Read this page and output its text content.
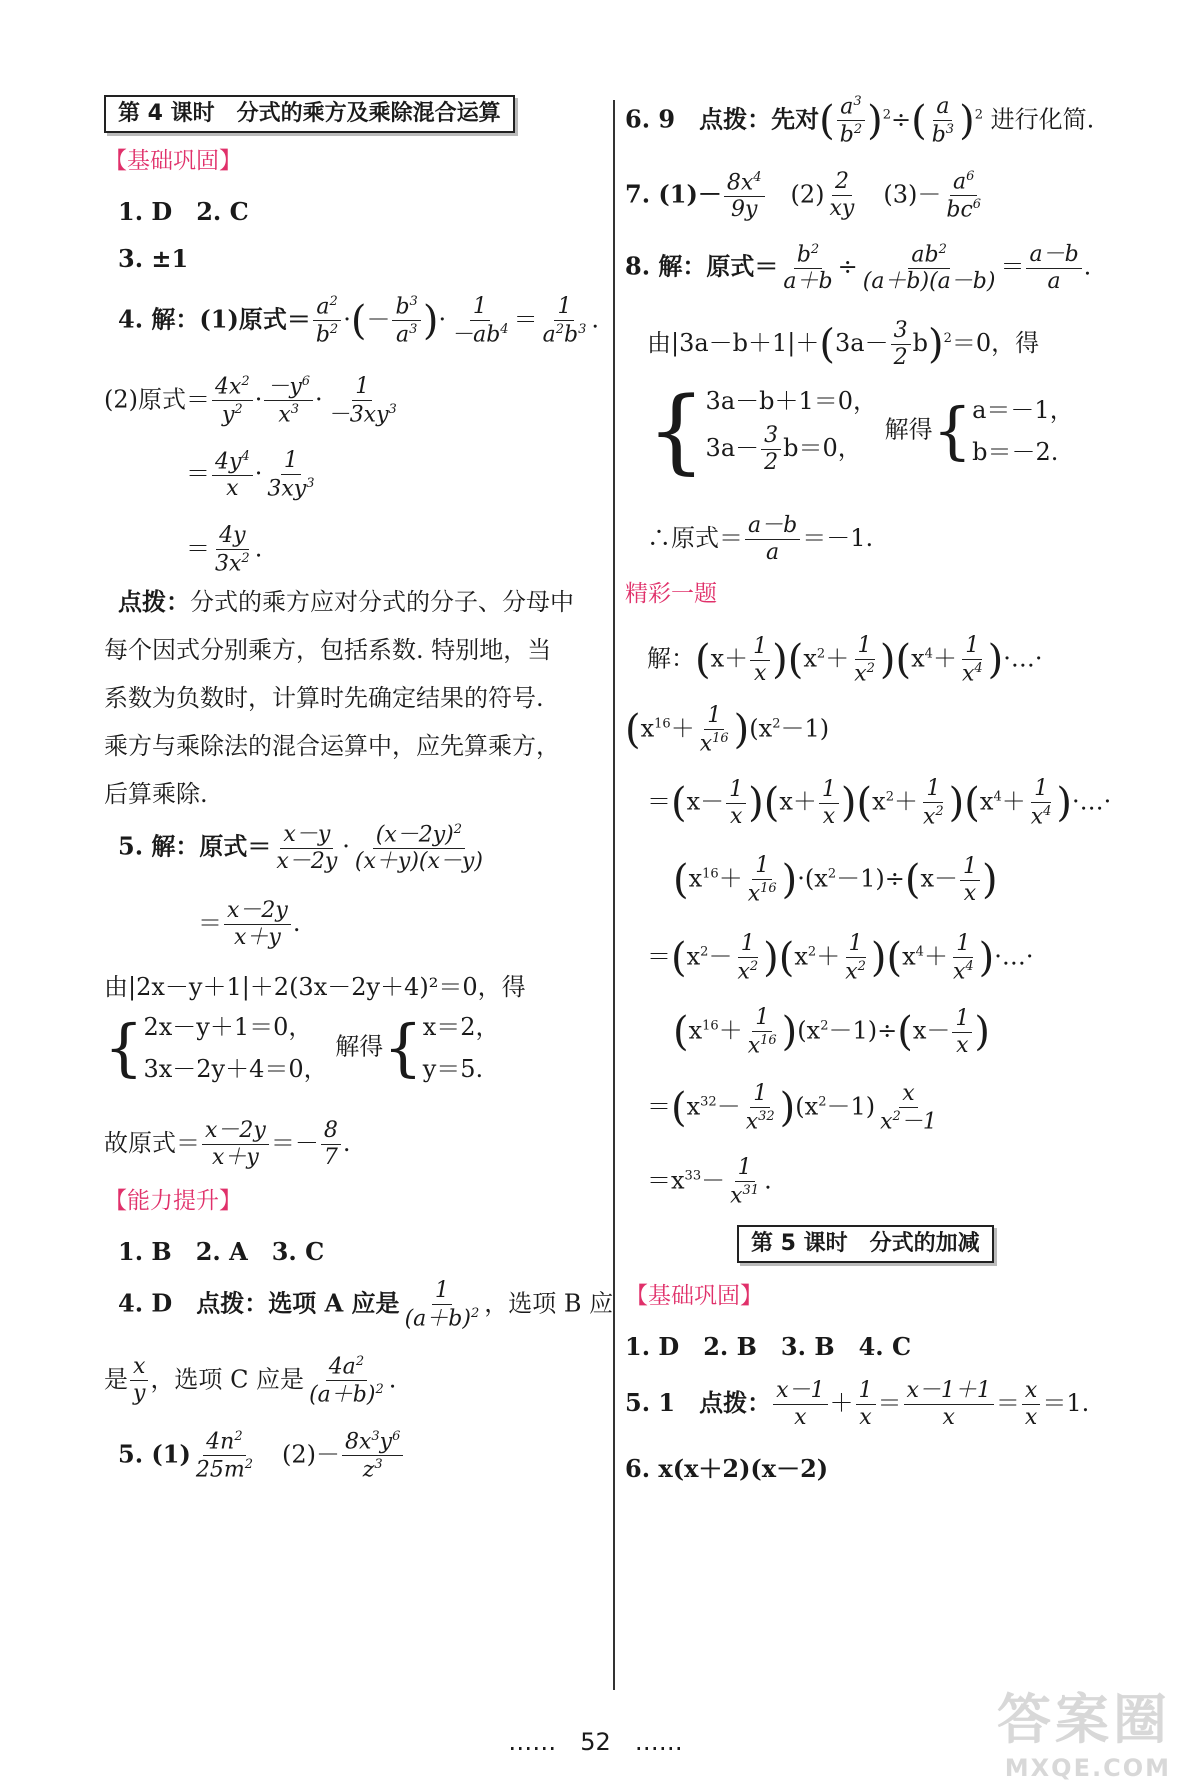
第 4 课时　分式的乘方及乘除混合运算
【基础巩固】
1. D　2. C
3. ±1
4. 解：(1)原式＝ $\frac{a^2}{b^2}$ ·(－ $\frac{b^3}{a^3}$ )· $\frac{1}{-ab^4} = \frac{1}{a^2b^3}$ .
(2)原式＝ $\frac{4x^2}{y^2} \cdot \frac{-y^6}{x^3} \cdot \frac{1}{-3xy^3}$
＝ $\frac{4y^4}{x} \cdot \frac{1}{3xy^3}$
＝ $\frac{4y}{3x^2}$ .
点拨：分式的乘方应对分式的分子、分母中
每个因式分别乘方，包括系数. 特别地，当
系数为负数时，计算时先确定结果的符号.
乘方与乘除法的混合运算中，应先算乘方，
后算乘除.
5. 解：原式＝ $\frac{x-y}{x-2y} \cdot \frac{(x-2y)^2}{(x+y)(x-y)}$
＝ $\frac{x-2y}{x+y}$ .
由|2x－y＋1|＋2(3x－2y＋4)²＝0，得
{ 2x－y＋1＝0，
3x－2y＋4＝0，
解得{ x＝2，
y＝5.
故原式＝ $\frac{x-2y}{x+y} =- \frac{8}{7}$ .
【能力提升】
1. B　2. A　3. C
4. D　点拨：选项 A 应是 $\frac{1}{(a+b)^2}$ ，选项 B 应
是 $\frac{x}{y}$ ，选项 C 应是 $\frac{4a^2}{(a+b)^2}$ .
5. $(1) \frac{4n^2}{25m^2}$
　 $(2)- \frac{8x^3y^6}{z^3}$
6. 9　点拨：先对( $\frac{a^3}{b^2} )^2\div( \frac{a}{b^3} )^2$ 进行化简.
7. $(1)- \frac{8x^4}{9y}$
　 $(2) \frac{2}{xy}$
　 $(3)- \frac{a^6}{bc^6}$
8. 解：原式＝ $\frac{b^2}{a+b} \div \frac{ab^2}{(a+b)(a-b)} = \frac{a-b}{a}$ .
由$|3a-b+1|+(3a- \frac{3}{2} b)^2=0$，得
{ 3a－b＋1＝0，
$3a- \frac{3}{2} b=0$，
解得{ a＝－1，
b＝－2.
∴原式＝ $\frac{a-b}{a} =-1$.
精彩一题
解：$(x+ \frac{1}{x} )(x^2+ \frac{1}{x^2} )(x^4+ \frac{1}{x^4}$ )·…·
$(x^{16}+ \frac{1}{x^{16}} )(x^2-1)$
$=(x- \frac{1}{x} )(x+ \frac{1}{x} )(x^2+ \frac{1}{x^2} )(x^4+ \frac{1}{x^4}$ )·…·
$(x^{16}+ \frac{1}{x^{16}} )\cdot(x^2-1)\div(x- \frac{1}{x}$ )
$=(x^2- \frac{1}{x^2} )(x^2+ \frac{1}{x^2} )(x^4+ \frac{1}{x^4}$ )·…·
$(x^{16}+ \frac{1}{x^{16}} )(x^2-1)\div(x- \frac{1}{x}$ )
$=(x^{32}- \frac{1}{x^{32}} )(x^2-1) \frac{x}{x^2-1}$
$=x^{33}- \frac{1}{x^{31}}$ .
第 5 课时　分式的加减
【基础巩固】
1. D　2. B　3. B　4. C
5. 1　点拨： $\frac{x-1}{x} + \frac{1}{x} = \frac{x-1+1}{x} = \frac{x}{x} =1$.
6. x(x＋2)(x－2)
……　 52　 ……	答案圈
MXQE.COM
